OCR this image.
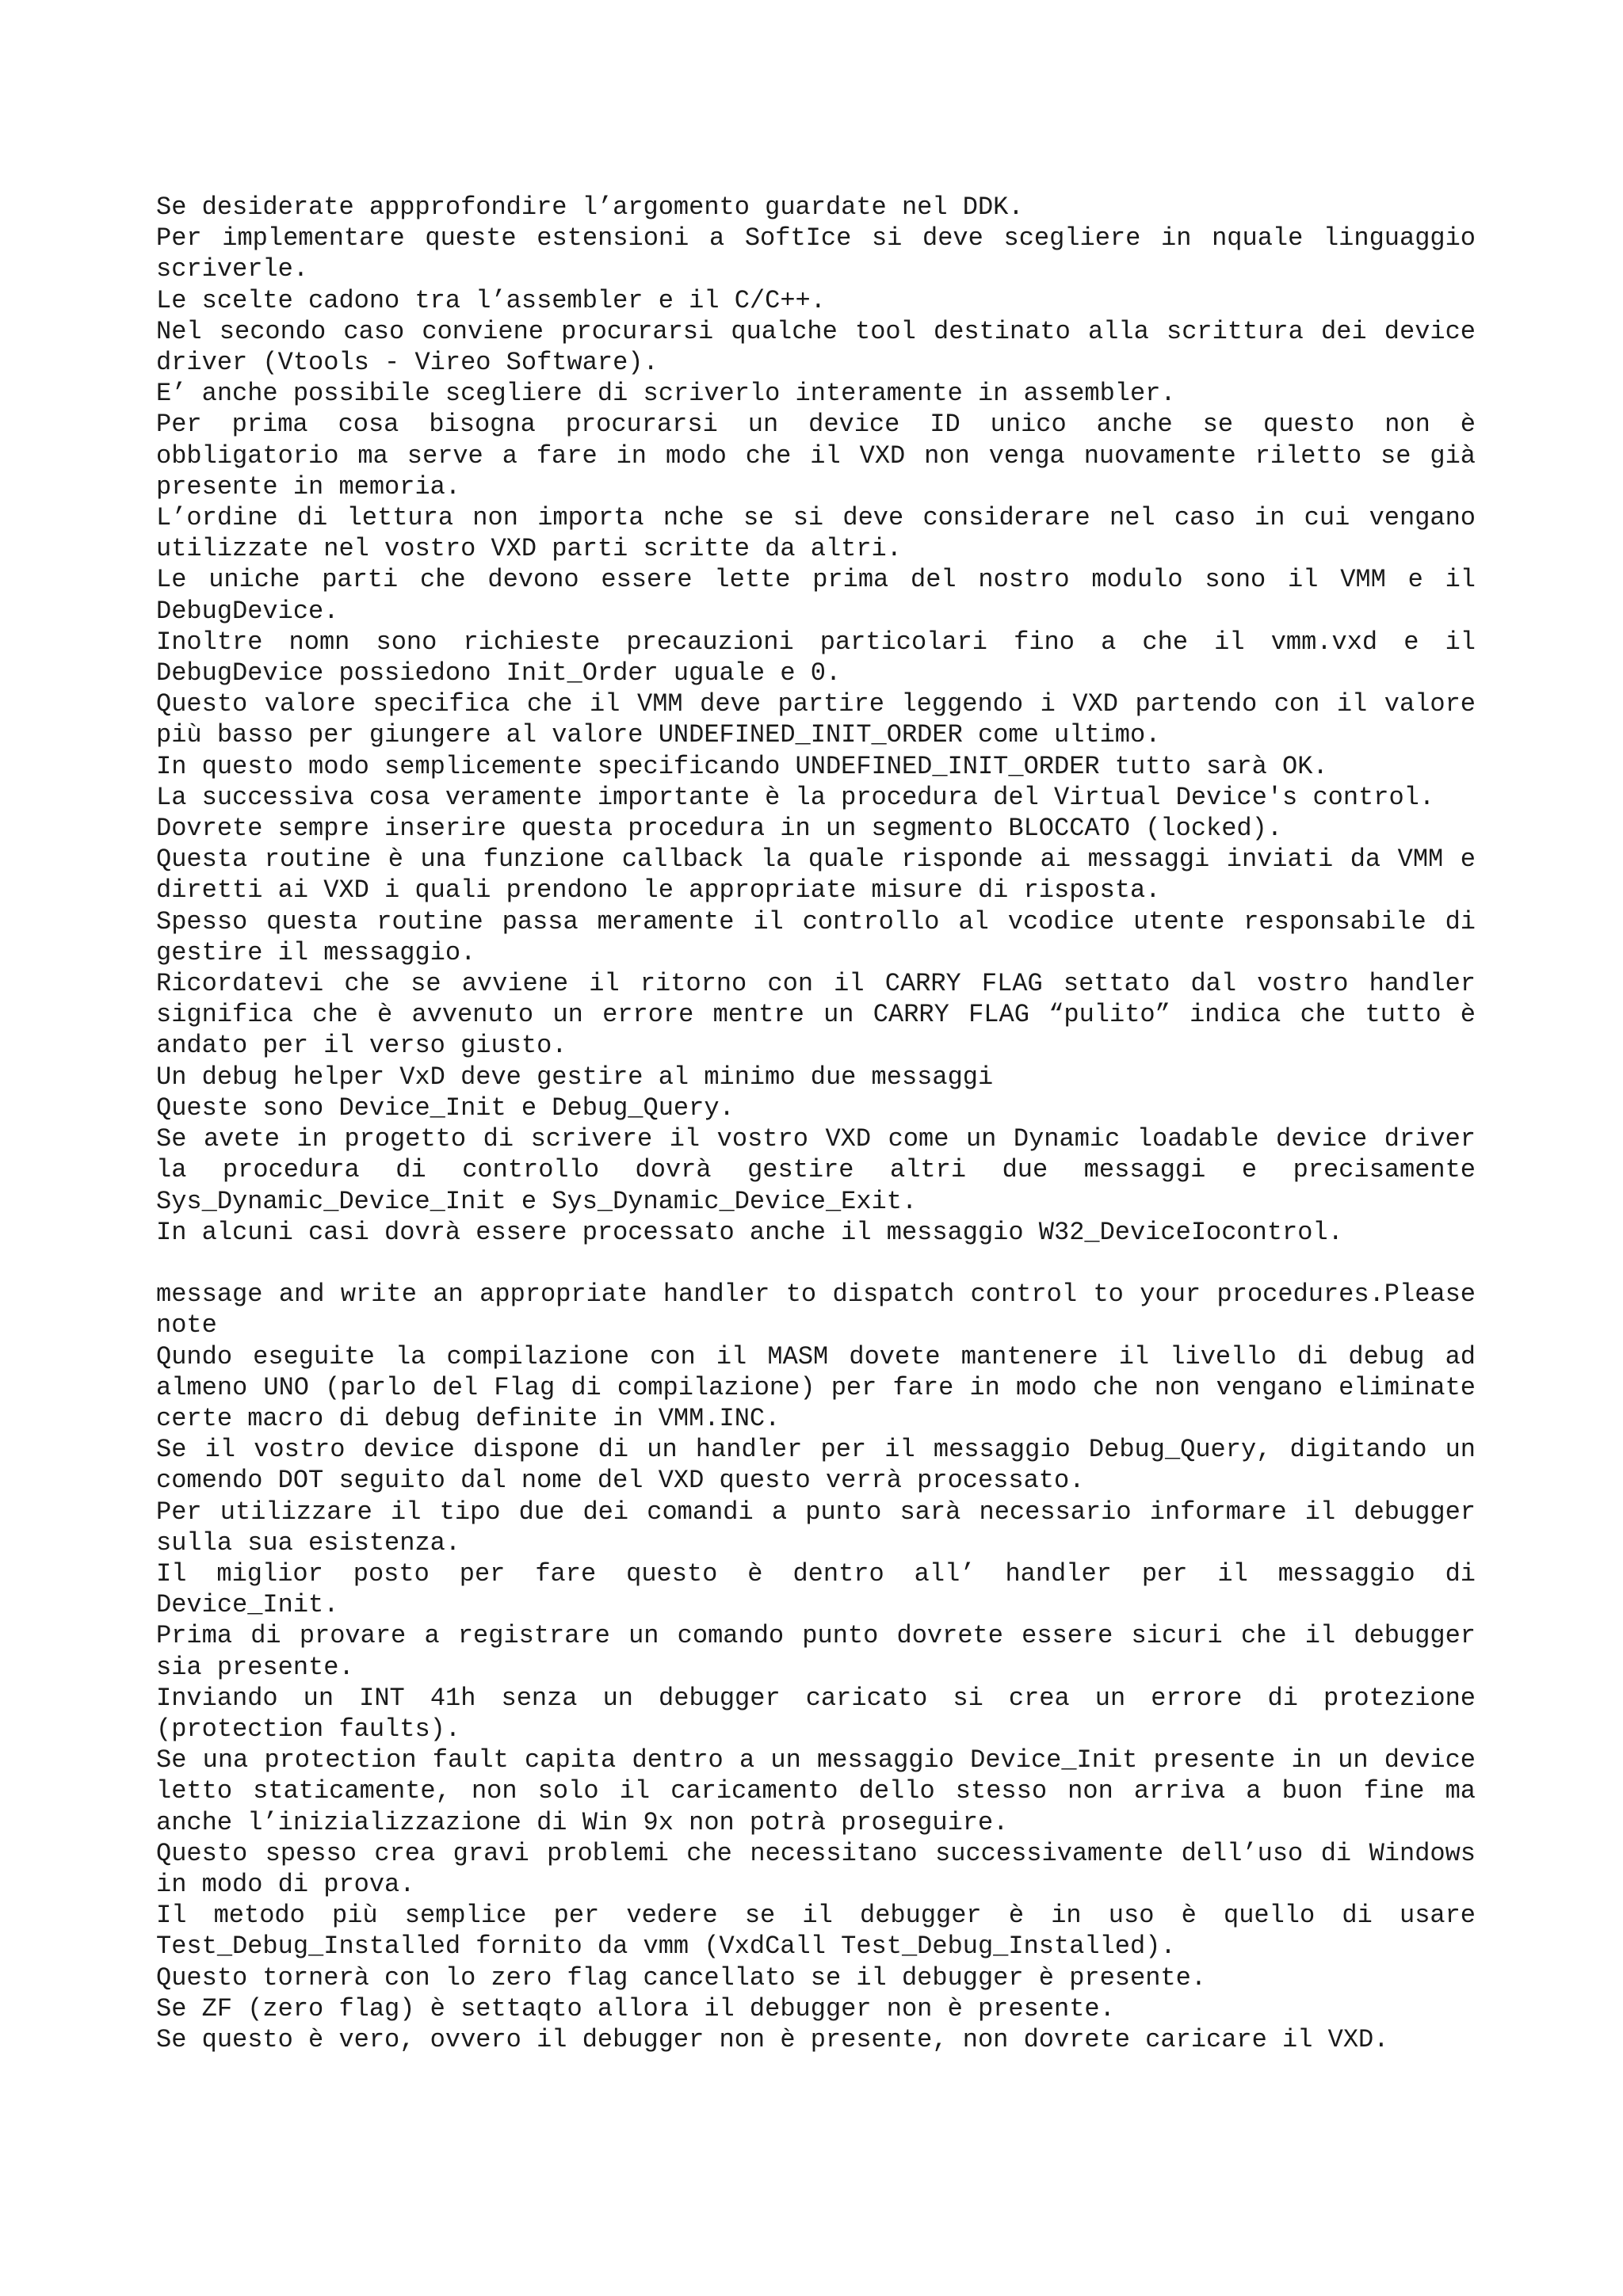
Se desiderate appprofondire l’argomento guardate nel DDK.

Per implementare queste estensioni a SoftIce si deve scegliere in nquale linguaggio scriverle.

Le scelte cadono tra l’assembler e il C/C++.

Nel secondo caso conviene procurarsi qualche tool destinato alla scrittura dei device driver (Vtools - Vireo Software).

E’ anche possibile scegliere di scriverlo interamente in assembler.

Per prima cosa bisogna procurarsi un device ID unico anche se questo non è obbligatorio ma serve a fare in modo che il VXD non venga nuovamente riletto se già presente in memoria.

L’ordine di lettura non importa nche se si deve considerare nel caso in cui vengano utilizzate nel vostro VXD parti scritte da altri.

Le uniche parti che devono essere lette prima del nostro modulo sono il VMM e il DebugDevice.

Inoltre nomn sono richieste precauzioni particolari fino a che il vmm.vxd e il DebugDevice possiedono Init_Order uguale e 0.

Questo valore specifica che il VMM deve partire leggendo i VXD partendo con il valore più basso per giungere al valore UNDEFINED_INIT_ORDER come ultimo.

In questo modo semplicemente specificando UNDEFINED_INIT_ORDER tutto sarà OK.

La successiva cosa veramente importante è la procedura del Virtual Device's control.

Dovrete sempre inserire questa procedura in un segmento BLOCCATO (locked).

Questa routine è una funzione callback la quale risponde ai messaggi inviati da VMM e diretti ai VXD i quali prendono le appropriate misure di risposta.

Spesso questa routine passa meramente il controllo al vcodice utente responsabile di gestire il messaggio.

Ricordatevi che se avviene il ritorno con il CARRY FLAG settato dal vostro handler significa che è avvenuto un errore mentre un CARRY FLAG “pulito” indica che tutto è andato per il verso giusto.

Un debug helper VxD deve gestire al minimo due messaggi

Queste sono Device_Init e Debug_Query.

Se avete in progetto di scrivere il vostro VXD come un Dynamic loadable device driver la procedura di controllo dovrà gestire altri due messaggi e precisamente Sys_Dynamic_Device_Init e Sys_Dynamic_Device_Exit.

In alcuni casi dovrà essere processato anche il messaggio W32_DeviceIocontrol.

message and write an appropriate handler to dispatch control to your procedures.Please note

Qundo eseguite la compilazione con il MASM dovete mantenere il livello di debug ad almeno UNO (parlo del Flag di compilazione) per fare in modo che non vengano eliminate certe macro di debug definite in VMM.INC.

Se il vostro device dispone di un handler per il messaggio Debug_Query, digitando un comendo DOT seguito dal nome del VXD questo verrà processato.

Per utilizzare il tipo due dei comandi a punto sarà necessario informare il debugger sulla sua esistenza.

Il miglior posto per fare questo è dentro all’ handler per il messaggio di Device_Init.

Prima di provare a registrare un comando punto dovrete essere sicuri che il debugger sia presente.

Inviando un INT 41h senza un debugger caricato si crea un errore di protezione (protection faults).

Se una protection fault capita dentro a un messaggio Device_Init presente in un device letto staticamente, non solo il caricamento dello stesso non arriva a buon fine ma anche l’inizializzazione di Win 9x non potrà proseguire.

Questo spesso crea gravi problemi che necessitano successivamente dell’uso di Windows in modo di prova.

Il metodo più semplice per vedere se il debugger è in uso è quello di usare Test_Debug_Installed fornito da vmm (VxdCall Test_Debug_Installed).

Questo tornerà con lo zero flag cancellato se il debugger è presente.

Se ZF (zero flag) è settaqto allora il debugger non è presente.

Se questo è vero, ovvero il debugger non è presente, non dovrete caricare il VXD.
